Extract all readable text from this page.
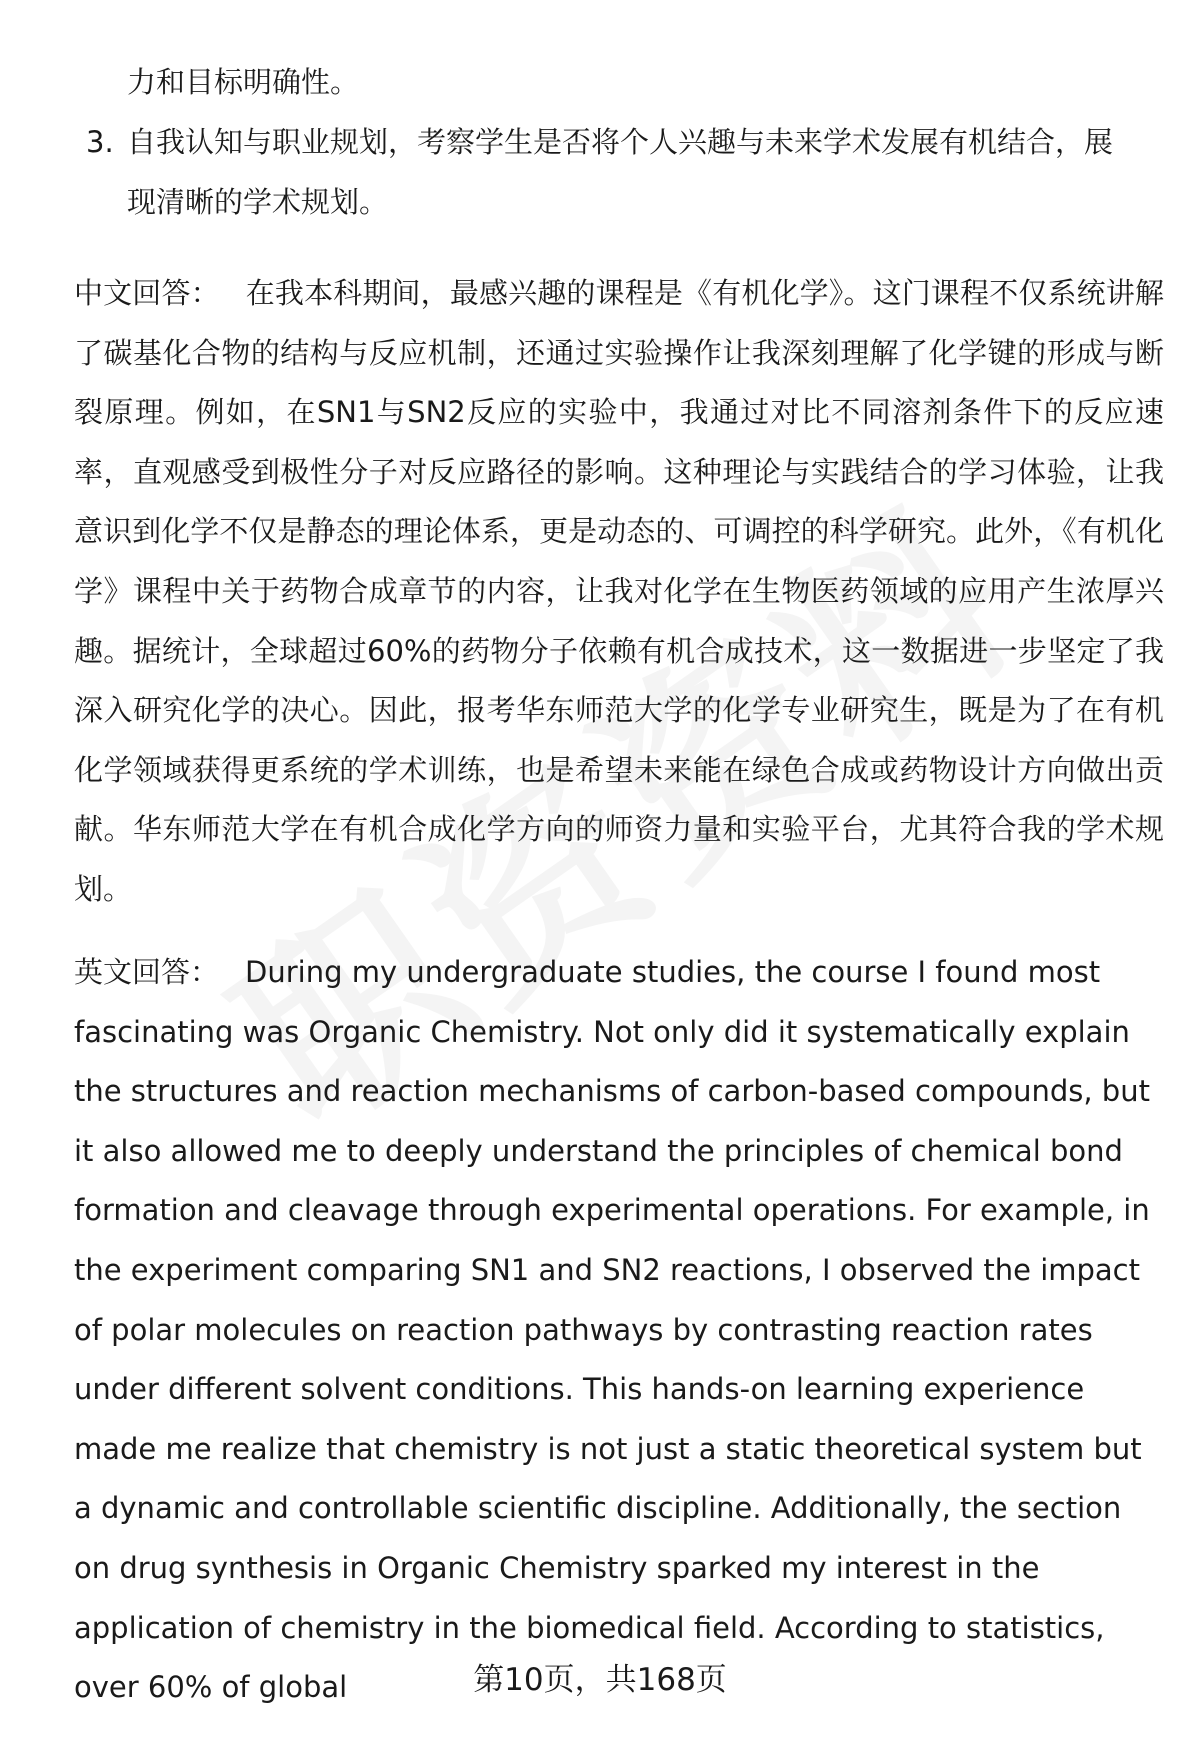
力和目标明确性。
3. 自我认知与职业规划，考察学生是否将个人兴趣与未来学术发展有机结合，展现清晰的学术规划。
中文回答： 在我本科期间，最感兴趣的课程是《有机化学》。这门课程不仅系统讲解了碳基化合物的结构与反应机制，还通过实验操作让我深刻理解了化学键的形成与断裂原理。例如，在SN1与SN2反应的实验中，我通过对比不同溶剂条件下的反应速率，直观感受到极性分子对反应路径的影响。这种理论与实践结合的学习体验，让我意识到化学不仅是静态的理论体系，更是动态的、可调控的科学研究。此外，《有机化学》课程中关于药物合成章节的内容，让我对化学在生物医药领域的应用产生浓厚兴趣。据统计，全球超过60%的药物分子依赖有机合成技术，这一数据进一步坚定了我深入研究化学的决心。因此，报考华东师范大学的化学专业研究生，既是为了在有机化学领域获得更系统的学术训练，也是希望未来能在绿色合成或药物设计方向做出贡献。华东师范大学在有机合成化学方向的师资力量和实验平台，尤其符合我的学术规划。
英文回答： During my undergraduate studies, the course I found most fascinating was Organic Chemistry. Not only did it systematically explain the structures and reaction mechanisms of carbon-based compounds, but it also allowed me to deeply understand the principles of chemical bond formation and cleavage through experimental operations. For example, in the experiment comparing SN1 and SN2 reactions, I observed the impact of polar molecules on reaction pathways by contrasting reaction rates under different solvent conditions. This hands-on learning experience made me realize that chemistry is not just a static theoretical system but a dynamic and controllable scientific discipline. Additionally, the section on drug synthesis in Organic Chemistry sparked my interest in the application of chemistry in the biomedical field. According to statistics, over 60% of global	第10页，共168页
